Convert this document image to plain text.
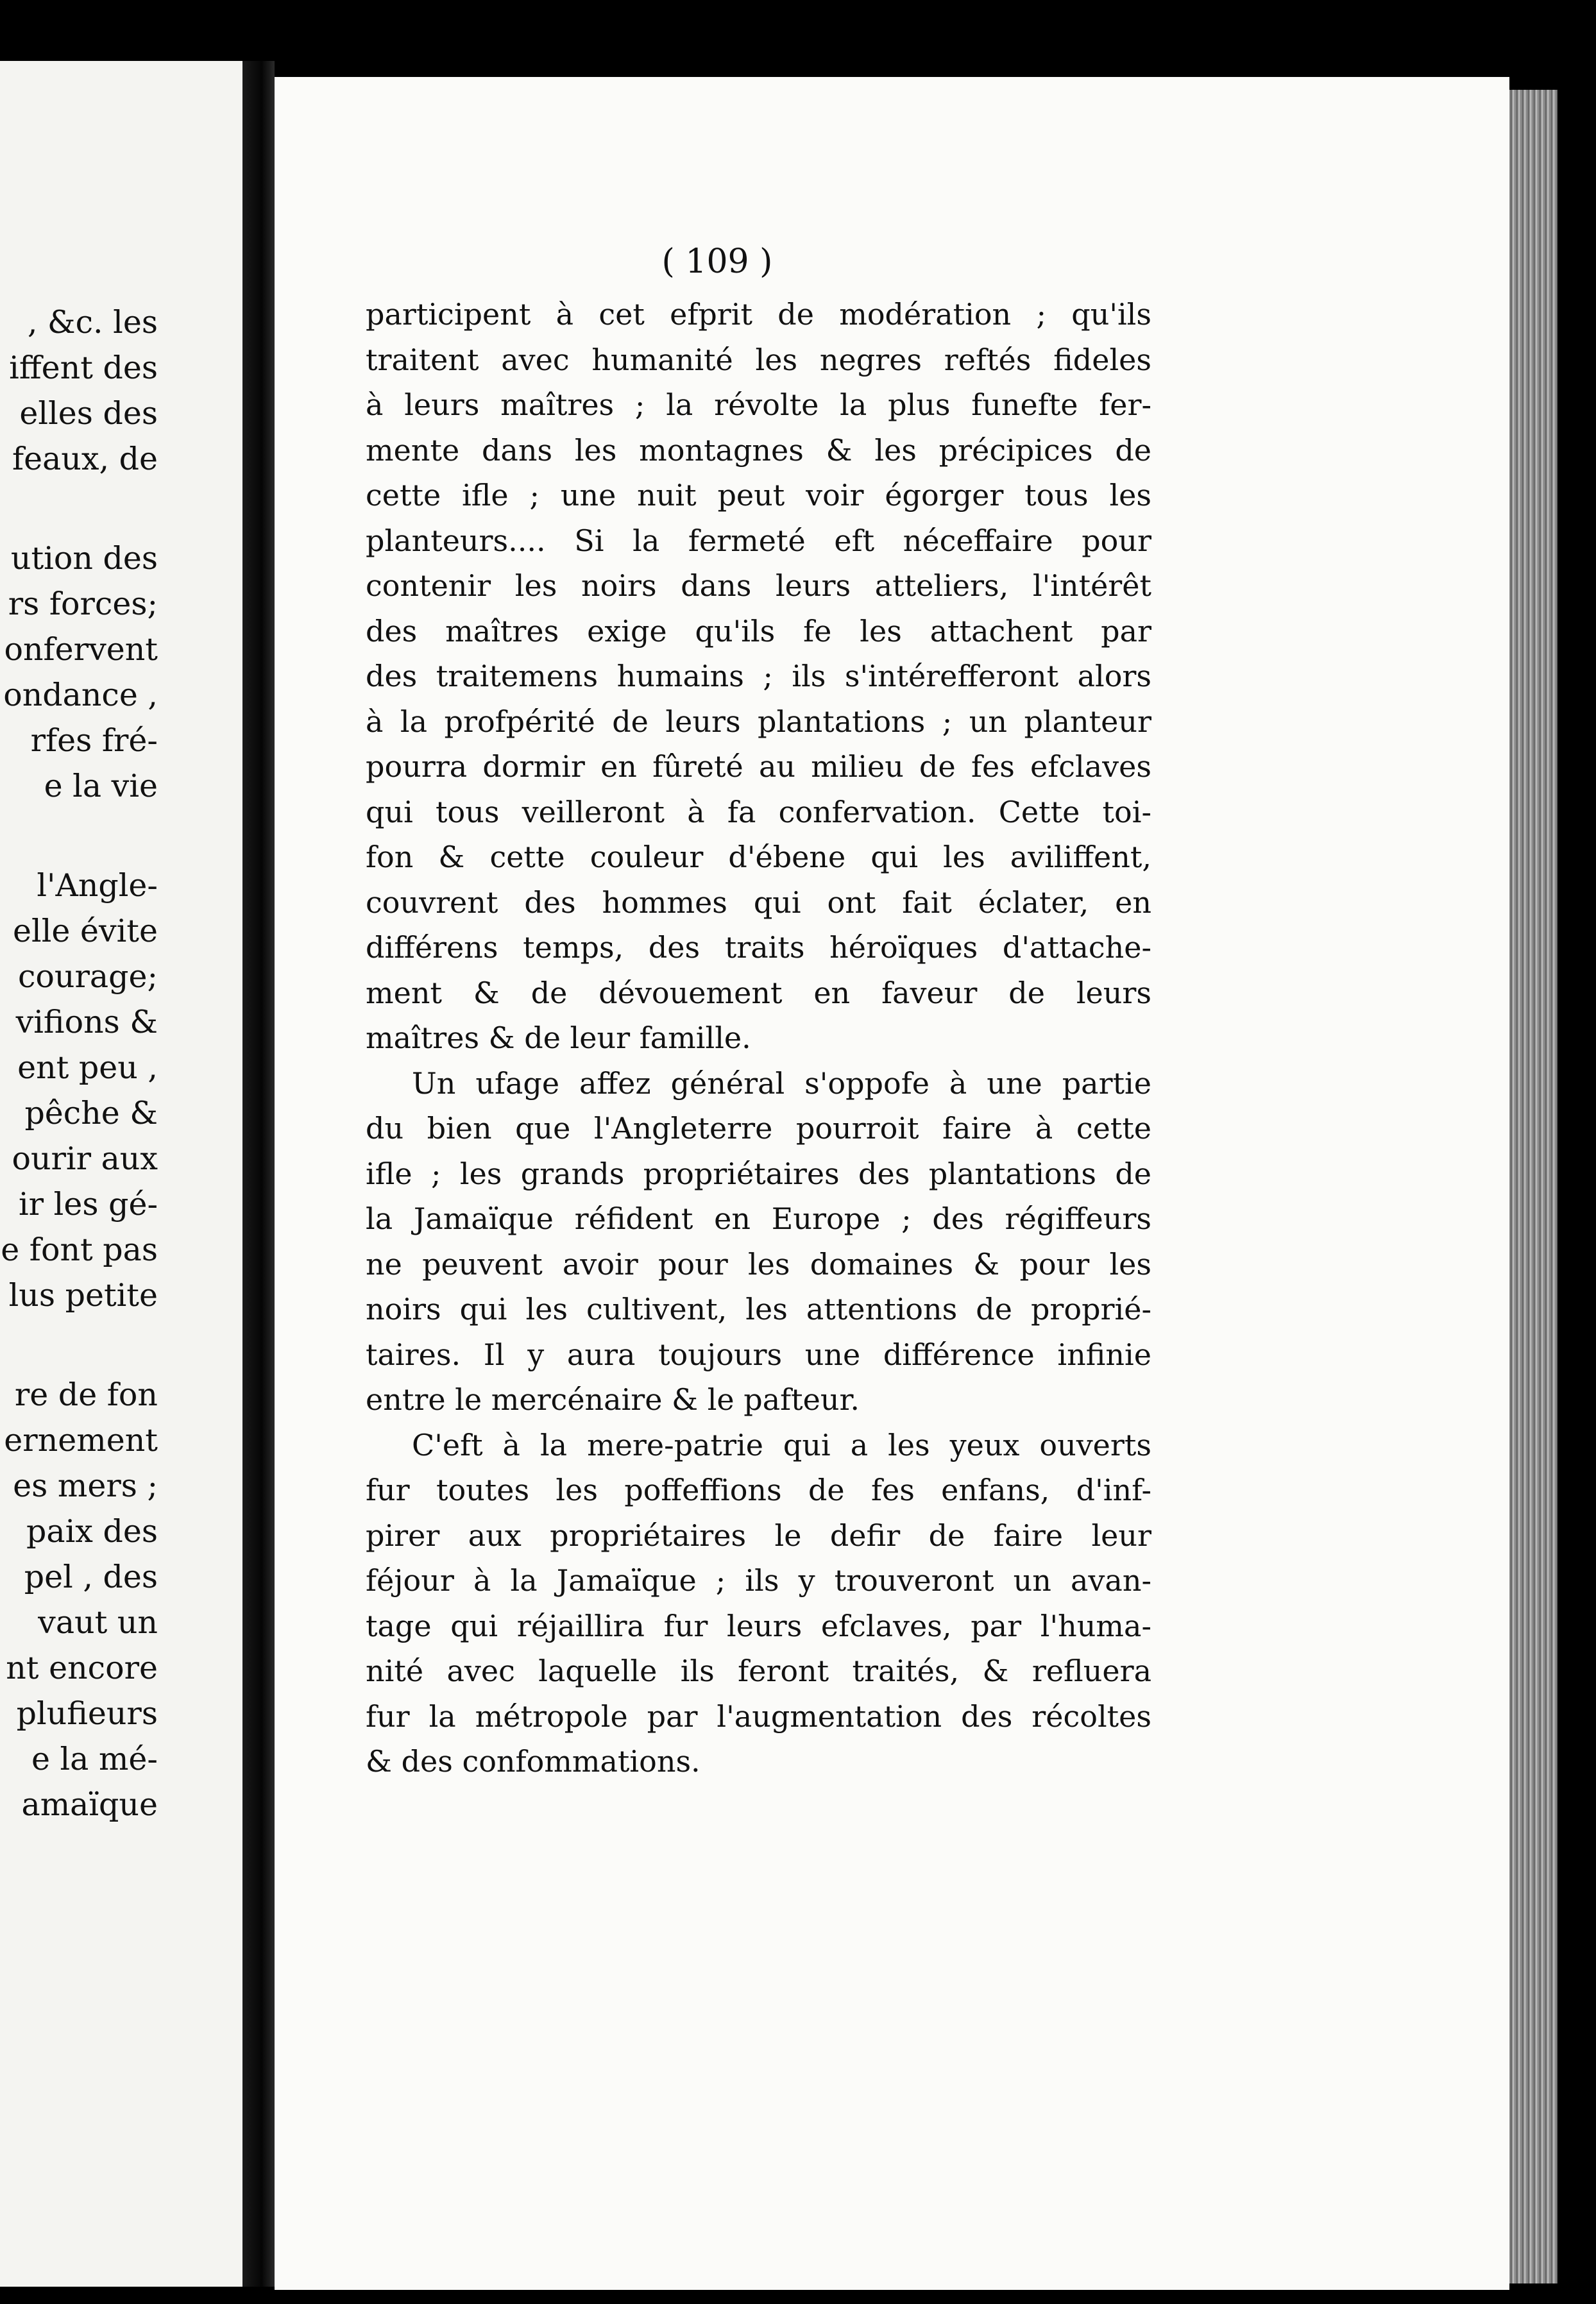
, &c. les
iffent des
elles des
feaux, de
ution des
rs forces;
onfervent
ondance ,
rfes fré-
e la vie
l'Angle-
elle évite
courage;
vifions &
ent peu ,
pêche &
ourir aux
ir les gé-
e font pas
lus petite
re de fon
ernement
es mers ;
paix des
pel , des
vaut un
nt encore
plufieurs
e la mé-
amaïque
( 109 )
participent à cet efprit de modération ; qu'ils
traitent avec humanité les negres reftés fideles
à leurs maîtres ; la révolte la plus funefte fer-
mente dans les montagnes & les précipices de
cette ifle ; une nuit peut voir égorger tous les
planteurs.... Si la fermeté eft néceffaire pour
contenir les noirs dans leurs atteliers, l'intérêt
des maîtres exige qu'ils fe les attachent par
des traitemens humains ; ils s'intérefferont alors
à la profpérité de leurs plantations ; un planteur
pourra dormir en fûreté au milieu de fes efclaves
qui tous veilleront à fa confervation. Cette toi-
fon & cette couleur d'ébene qui les aviliffent,
couvrent des hommes qui ont fait éclater, en
différens temps, des traits héroïques d'attache-
ment & de dévouement en faveur de leurs
maîtres & de leur famille.
Un ufage affez général s'oppofe à une partie
du bien que l'Angleterre pourroit faire à cette
ifle ; les grands propriétaires des plantations de
la Jamaïque réfident en Europe ; des régiffeurs
ne peuvent avoir pour les domaines & pour les
noirs qui les cultivent, les attentions de proprié-
taires. Il y aura toujours une différence infinie
entre le mercénaire & le pafteur.
C'eft à la mere-patrie qui a les yeux ouverts
fur toutes les poffeffions de fes enfans, d'inf-
pirer aux propriétaires le defir de faire leur
féjour à la Jamaïque ; ils y trouveront un avan-
tage qui réjaillira fur leurs efclaves, par l'huma-
nité avec laquelle ils feront traités, & refluera
fur la métropole par l'augmentation des récoltes
& des confommations.
